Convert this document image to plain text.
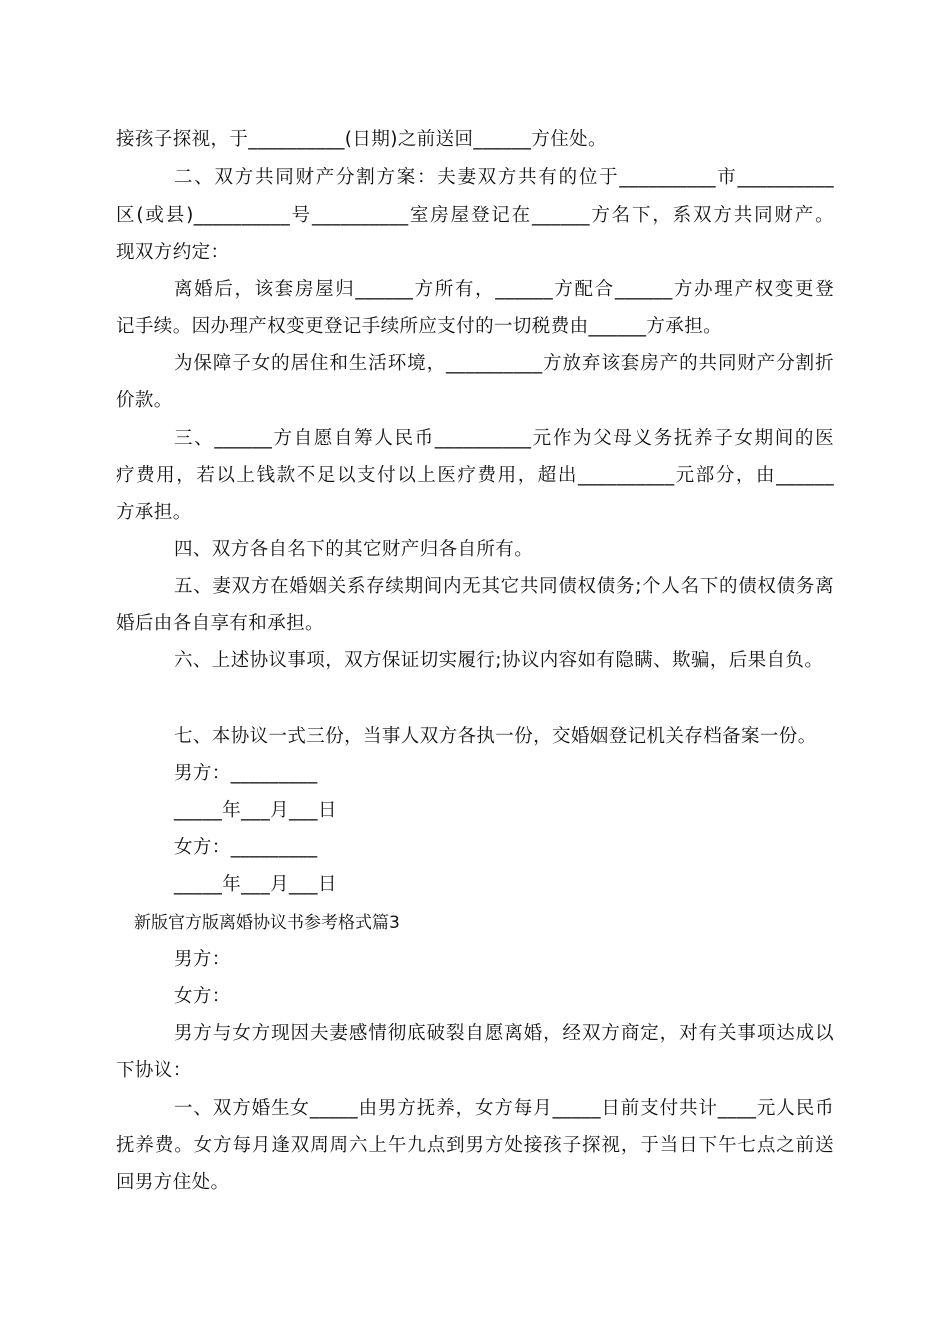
接孩子探视，于__________(日期)之前送回______方住处。
二、双方共同财产分割方案：夫妻双方共有的位于__________市__________
区(或县)__________号__________室房屋登记在______方名下，系双方共同财产。
现双方约定：
离婚后，该套房屋归______方所有，______方配合______方办理产权变更登
记手续。因办理产权变更登记手续所应支付的一切税费由______方承担。
为保障子女的居住和生活环境，__________方放弃该套房产的共同财产分割折
价款。
三、______方自愿自筹人民币__________元作为父母义务抚养子女期间的医
疗费用，若以上钱款不足以支付以上医疗费用，超出__________元部分，由______
方承担。
四、双方各自名下的其它财产归各自所有。
五、妻双方在婚姻关系存续期间内无其它共同债权债务;个人名下的债权债务离
婚后由各自享有和承担。
六、上述协议事项，双方保证切实履行;协议内容如有隐瞒、欺骗，后果自负。
七、本协议一式三份，当事人双方各执一份，交婚姻登记机关存档备案一份。
男方：_________
_____年___月___日
女方：_________
_____年___月___日
新版官方版离婚协议书参考格式篇3
男方：
女方：
男方与女方现因夫妻感情彻底破裂自愿离婚，经双方商定，对有关事项达成以
下协议：
一、双方婚生女_____由男方抚养，女方每月_____日前支付共计____元人民币
抚养费。女方每月逢双周周六上午九点到男方处接孩子探视，于当日下午七点之前送
回男方住处。
